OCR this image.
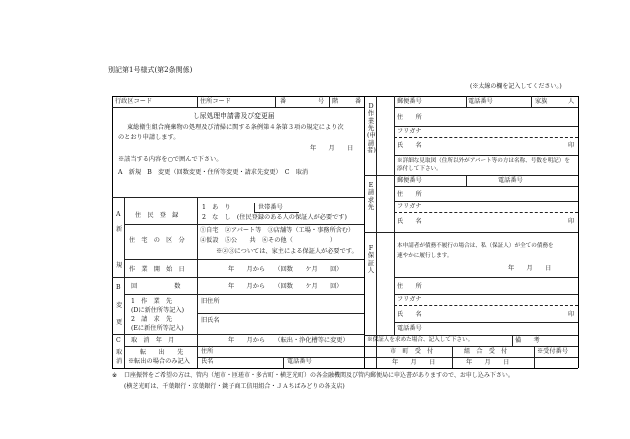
別記第1号様式(第2条関係)
(※太線の欄を記入してください。)
行政区コード	住所コード	番	号 階	番
し尿処理申請書及び変更届
東総衛生組合廃棄物の処理及び清掃に関する条例第４条第３項の規定により次
のとおり申請します。
年　　月　　日
※該当する内容を○で囲んで下さい。
A　新規　B　変更（回数変更・住所等変更・請求先変更）　C　取消
A
新
規
住　民　登　録
1　あ　り	世帯番号
2　な　し　(住民登録のある人の保証人が必要です)
住　宅　の　区　分
①自宅　②アパート等　③店舗等（工場・事務所含む）
④仮設　⑤公　　共　⑥その他（　　　　　　）
※②③については、家主による保証人が必要です。
作　業　開　始　日	年　　月から　　（回数　　ケ月　　回）
B
変
更
回　　　　　　数	年　　月から　　（回数　　ケ月　　回）
1　作　業　先
(Dに新住所等記入)
2　請　求　先
(Eに新住所等記入)
旧住所
旧氏名
C 取　消　年　月	年　　月から　　（転出・浄化槽等に変更）
取
消
転　　出　　先
※転出の場合のみ記入
住所
氏名	電話番号
D作業先(申請者)
郵便番号	電話番号	家族	人
住　　所
フリガナ
氏　　名	印
※詳細な見取図（住所以外がアパート等の方は名称、号数を明記）を添付して下さい。
E請求先
郵便番号	電話番号
住　　所
フリガナ
氏　　名	印
F保証人
本申請者が債務不履行の場合は、私（保証人）が全ての債務を
速やかに履行します。
年　　月　　日
住　　所
フリガナ
氏　　名	印
電話番号
※保証人を求めた場合、記入して下さい。	備　　考
市　町　受　付	組　合　受　付	※受付番号
年　　月　　日	年　　月　　日
※ 口座振替をご希望の方は、管内（旭市・匝瑳市・多古町・横芝光町）の各金融機関及び管内郵便局に申込書がありますので、お申し込み下さい。
(横芝光町は、千葉銀行・京葉銀行・銚子商工信用組合・ＪＡちばみどりの各支店)
